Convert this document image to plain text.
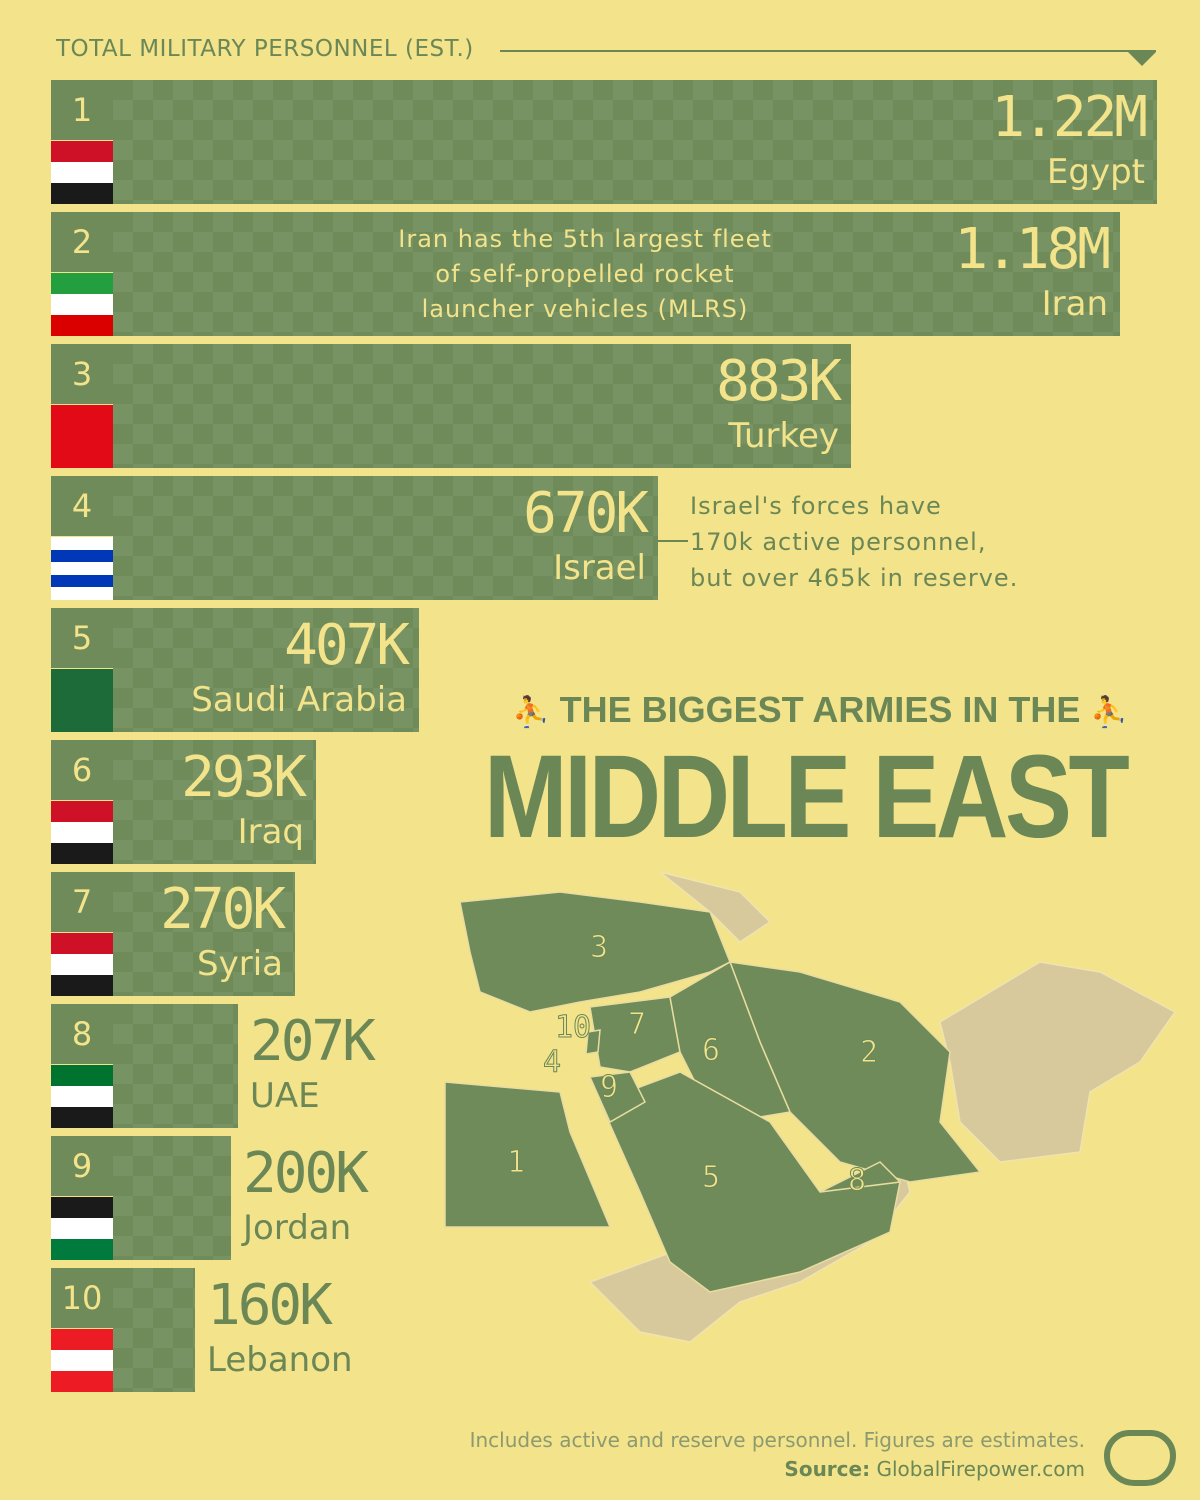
TOTAL MILITARY PERSONNEL (EST.)
1	1.22M
Egypt
2	1.18M
Iran
3	883K
Turkey
4	670K
Israel
5	407K
Saudi Arabia
6	293K
Iraq
7	270K
Syria
8	207K
UAE
9	200K
Jordan
10 160K
Lebanon
Iran has the 5th largest fleet
of self-propelled rocket
launcher vehicles (MLRS)
Israel's forces have
170k active personnel,
but over 465k in reserve.
⛹ THE BIGGEST ARMIES IN THE ⛹
MIDDLE EAST
3
2
7
6
10
4
9
1	5	8
Includes active and reserve personnel. Figures are estimates.
Source: GlobalFirepower.com
